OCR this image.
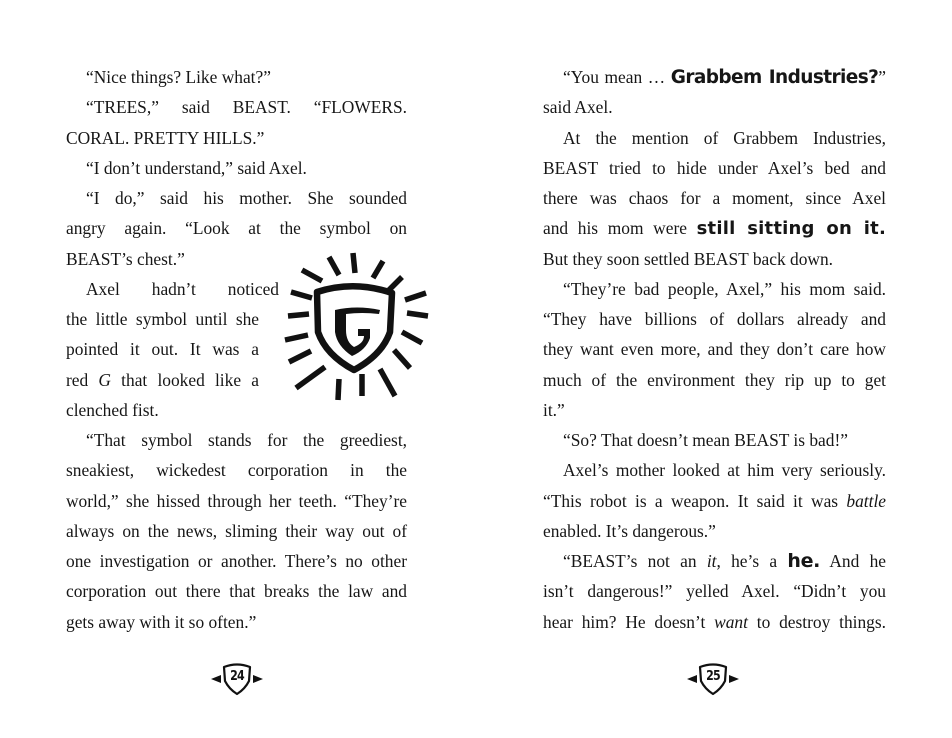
“Nice things? Like what?”
“TREES,” said BEAST. “FLOWERS.
CORAL. PRETTY HILLS.”
“I don’t understand,” said Axel.
“I do,” said his mother. She sounded
angry again. “Look at the symbol on
BEAST’s chest.”
Axel hadn’t noticed
the little symbol until she
pointed it out. It was a
red G that looked like a
clenched fist.
“That symbol stands for the greediest,
sneakiest, wickedest corporation in the
world,” she hissed through her teeth. “They’re
always on the news, sliming their way out of
one investigation or another. There’s no other
corporation out there that breaks the law and
gets away with it so often.”
24
“You mean … Grabbem Industries?”
said Axel.
At the mention of Grabbem Industries,
BEAST tried to hide under Axel’s bed and
there was chaos for a moment, since Axel
and his mom were still sitting on it.
But they soon settled BEAST back down.
“They’re bad people, Axel,” his mom said.
“They have billions of dollars already and
they want even more, and they don’t care how
much of the environment they rip up to get
it.”
“So? That doesn’t mean BEAST is bad!”
Axel’s mother looked at him very seriously.
“This robot is a weapon. It said it was battle
enabled. It’s dangerous.”
“BEAST’s not an it, he’s a he. And he
isn’t dangerous!” yelled Axel. “Didn’t you
hear him? He doesn’t want to destroy things.
25
